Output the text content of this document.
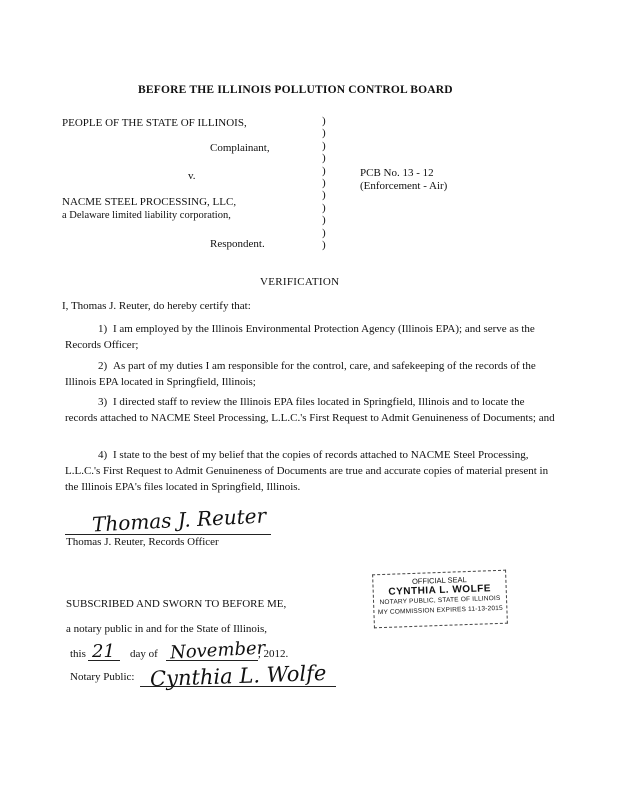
BEFORE THE ILLINOIS POLLUTION CONTROL BOARD
PEOPLE OF THE STATE OF ILLINOIS,
Complainant,
v.
NACME STEEL PROCESSING, LLC,
a Delaware limited liability corporation,
Respondent.
)
)
)
)
)
)
)
)
)
)
)
PCB No. 13 - 12
(Enforcement - Air)
VERIFICATION
I, Thomas J. Reuter, do hereby certify that:
1) I am employed by the Illinois Environmental Protection Agency (Illinois EPA); and serve as the Records Officer;
2) As part of my duties I am responsible for the control, care, and safekeeping of the records of the Illinois EPA located in Springfield, Illinois;
3) I directed staff to review the Illinois EPA files located in Springfield, Illinois and to locate the records attached to NACME Steel Processing, L.L.C.'s First Request to Admit Genuineness of Documents; and
4) I state to the best of my belief that the copies of records attached to NACME Steel Processing, L.L.C.'s First Request to Admit Genuineness of Documents are true and accurate copies of material present in the Illinois EPA's files located in Springfield, Illinois.
Thomas J. Reuter
Thomas J. Reuter, Records Officer
OFFICIAL SEAL
CYNTHIA L. WOLFE
NOTARY PUBLIC, STATE OF ILLINOIS
MY COMMISSION EXPIRES 11-13-2015
SUBSCRIBED AND SWORN TO BEFORE ME,
a notary public in and for the State of Illinois,
this 21 day of November
, 2012.
Notary Public: Cynthia L. Wolfe
